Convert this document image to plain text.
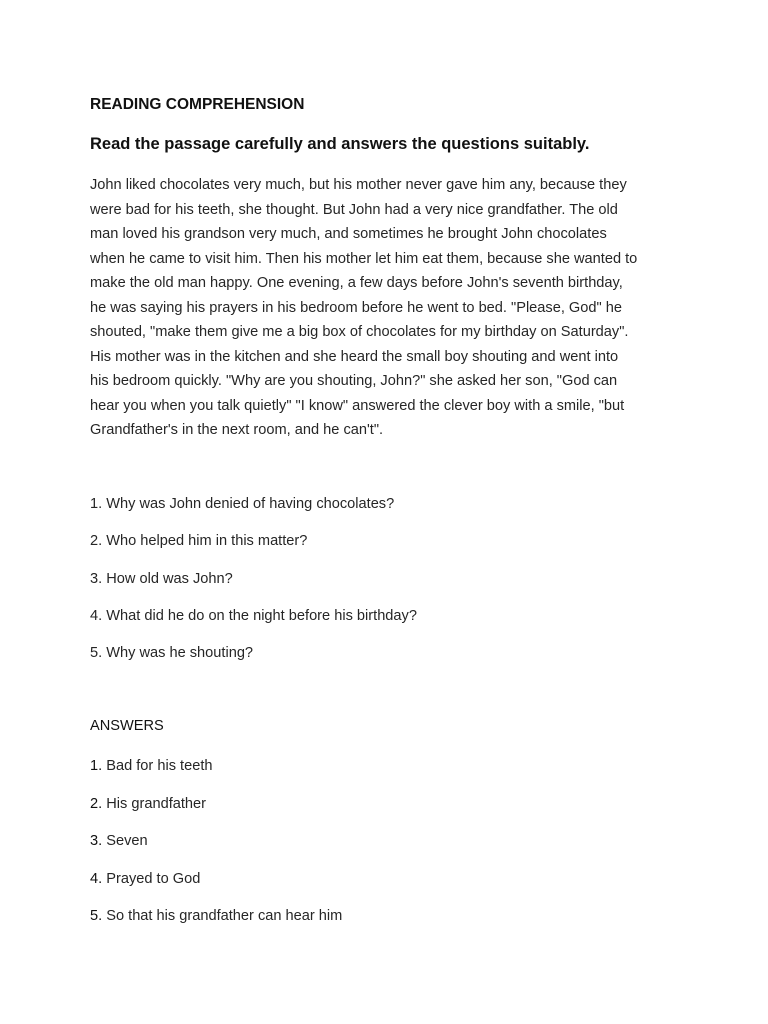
READING COMPREHENSION
Read the passage carefully and answers the questions suitably.
John liked chocolates very much, but his mother never gave him any, because they
were bad for his teeth, she thought. But John had a very nice grandfather. The old
man loved his grandson very much, and sometimes he brought John chocolates
when he came to visit him. Then his mother let him eat them, because she wanted to
make the old man happy. One evening, a few days before John's seventh birthday,
he was saying his prayers in his bedroom before he went to bed. "Please, God" he
shouted, "make them give me a big box of chocolates for my birthday on Saturday".
His mother was in the kitchen and she heard the small boy shouting and went into
his bedroom quickly. "Why are you shouting, John?" she asked her son, "God can
hear you when you talk quietly" "I know" answered the clever boy with a smile, "but
Grandfather's in the next room, and he can't".
1. Why was John denied of having chocolates?
2. Who helped him in this matter?
3. How old was John?
4. What did he do on the night before his birthday?
5. Why was he shouting?
ANSWERS
1. Bad for his teeth
2. His grandfather
3. Seven
4. Prayed to God
5. So that his grandfather can hear him
